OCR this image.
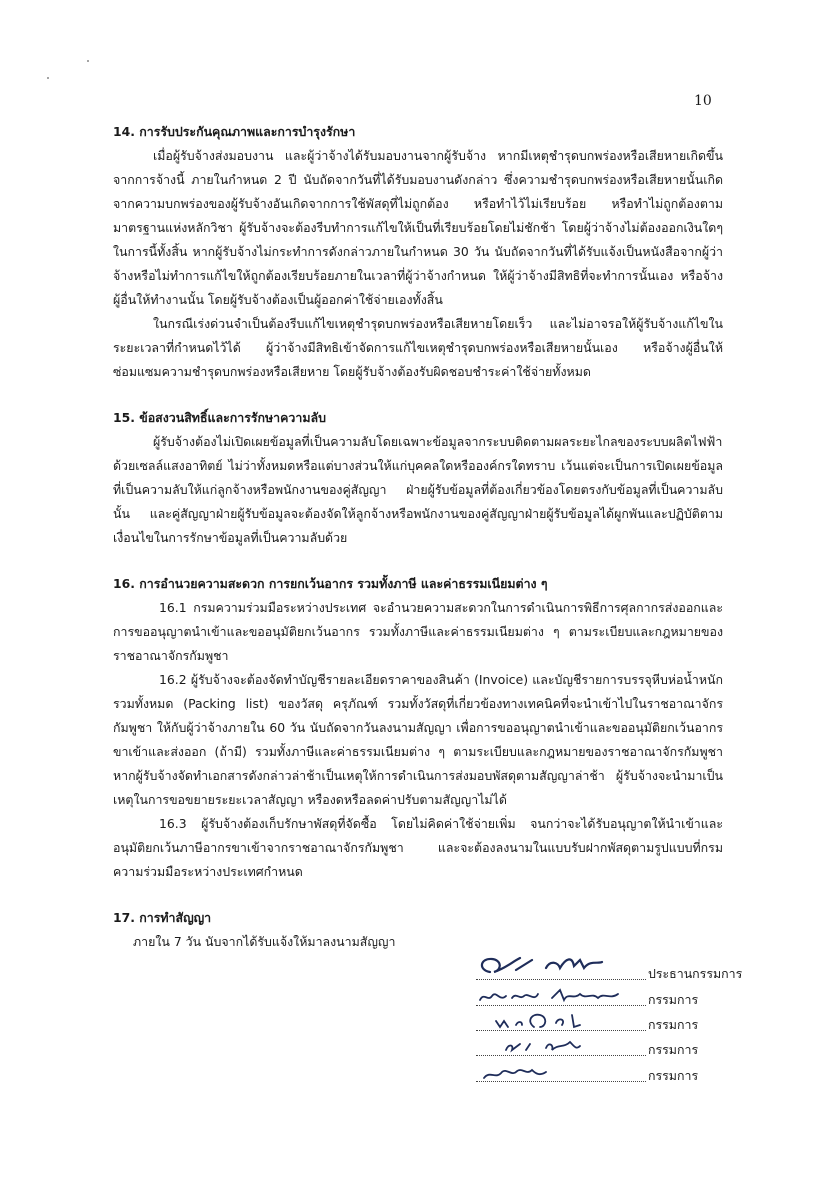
10

14. การรับประกันคุณภาพและการบำรุงรักษา

เมื่อผู้รับจ้างส่งมอบงาน และผู้ว่าจ้างได้รับมอบงานจากผู้รับจ้าง หากมีเหตุชำรุดบกพร่องหรือเสียหายเกิดขึ้นจากการจ้างนี้ ภายในกำหนด 2 ปี นับถัดจากวันที่ได้รับมอบงานดังกล่าว ซึ่งความชำรุดบกพร่องหรือเสียหายนั้นเกิดจากความบกพร่องของผู้รับจ้างอันเกิดจากการใช้พัสดุที่ไม่ถูกต้อง หรือทำไว้ไม่เรียบร้อย หรือทำไม่ถูกต้องตามมาตรฐานแห่งหลักวิชา ผู้รับจ้างจะต้องรีบทำการแก้ไขให้เป็นที่เรียบร้อยโดยไม่ชักช้า โดยผู้ว่าจ้างไม่ต้องออกเงินใดๆ ในการนี้ทั้งสิ้น หากผู้รับจ้างไม่กระทำการดังกล่าวภายในกำหนด 30 วัน นับถัดจากวันที่ได้รับแจ้งเป็นหนังสือจากผู้ว่าจ้างหรือไม่ทำการแก้ไขให้ถูกต้องเรียบร้อยภายในเวลาที่ผู้ว่าจ้างกำหนด ให้ผู้ว่าจ้างมีสิทธิที่จะทำการนั้นเอง หรือจ้างผู้อื่นให้ทำงานนั้น โดยผู้รับจ้างต้องเป็นผู้ออกค่าใช้จ่ายเองทั้งสิ้น

ในกรณีเร่งด่วนจำเป็นต้องรีบแก้ไขเหตุชำรุดบกพร่องหรือเสียหายโดยเร็ว และไม่อาจรอให้ผู้รับจ้างแก้ไขในระยะเวลาที่กำหนดไว้ได้ ผู้ว่าจ้างมีสิทธิเข้าจัดการแก้ไขเหตุชำรุดบกพร่องหรือเสียหายนั้นเอง หรือจ้างผู้อื่นให้ซ่อมแซมความชำรุดบกพร่องหรือเสียหาย โดยผู้รับจ้างต้องรับผิดชอบชำระค่าใช้จ่ายทั้งหมด

15. ข้อสงวนสิทธิ์และการรักษาความลับ

ผู้รับจ้างต้องไม่เปิดเผยข้อมูลที่เป็นความลับโดยเฉพาะข้อมูลจากระบบติดตามผลระยะไกลของระบบผลิตไฟฟ้าด้วยเซลล์แสงอาทิตย์ ไม่ว่าทั้งหมดหรือแต่บางส่วนให้แก่บุคคลใดหรือองค์กรใดทราบ เว้นแต่จะเป็นการเปิดเผยข้อมูลที่เป็นความลับให้แก่ลูกจ้างหรือพนักงานของคู่สัญญา ฝ่ายผู้รับข้อมูลที่ต้องเกี่ยวข้องโดยตรงกับข้อมูลที่เป็นความลับนั้น และคู่สัญญาฝ่ายผู้รับข้อมูลจะต้องจัดให้ลูกจ้างหรือพนักงานของคู่สัญญาฝ่ายผู้รับข้อมูลได้ผูกพันและปฏิบัติตามเงื่อนไขในการรักษาข้อมูลที่เป็นความลับด้วย

16. การอำนวยความสะดวก การยกเว้นอากร รวมทั้งภาษี และค่าธรรมเนียมต่าง ๆ

16.1 กรมความร่วมมือระหว่างประเทศ จะอำนวยความสะดวกในการดำเนินการพิธีการศุลกากรส่งออกและการขออนุญาตนำเข้าและขออนุมัติยกเว้นอากร รวมทั้งภาษีและค่าธรรมเนียมต่าง ๆ ตามระเบียบและกฎหมายของราชอาณาจักรกัมพูชา

16.2 ผู้รับจ้างจะต้องจัดทำบัญชีรายละเอียดราคาของสินค้า (Invoice) และบัญชีรายการบรรจุหีบห่อน้ำหนักรวมทั้งหมด (Packing list) ของวัสดุ ครุภัณฑ์ รวมทั้งวัสดุที่เกี่ยวข้องทางเทคนิคที่จะนำเข้าไปในราชอาณาจักรกัมพูชา ให้กับผู้ว่าจ้างภายใน 60 วัน นับถัดจากวันลงนามสัญญา เพื่อการขออนุญาตนำเข้าและขออนุมัติยกเว้นอากรขาเข้าและส่งออก (ถ้ามี) รวมทั้งภาษีและค่าธรรมเนียมต่าง ๆ ตามระเบียบและกฎหมายของราชอาณาจักรกัมพูชา หากผู้รับจ้างจัดทำเอกสารดังกล่าวล่าช้าเป็นเหตุให้การดำเนินการส่งมอบพัสดุตามสัญญาล่าช้า ผู้รับจ้างจะนำมาเป็นเหตุในการขอขยายระยะเวลาสัญญา หรืองดหรือลดค่าปรับตามสัญญาไม่ได้

16.3 ผู้รับจ้างต้องเก็บรักษาพัสดุที่จัดซื้อ โดยไม่คิดค่าใช้จ่ายเพิ่ม จนกว่าจะได้รับอนุญาตให้นำเข้าและอนุมัติยกเว้นภาษีอากรขาเข้าจากราชอาณาจักรกัมพูชา และจะต้องลงนามในแบบรับฝากพัสดุตามรูปแบบที่กรมความร่วมมือระหว่างประเทศกำหนด

17. การทำสัญญา

ภายใน 7 วัน นับจากได้รับแจ้งให้มาลงนามสัญญา

ประธานกรรมการ
กรรมการ
กรรมการ
กรรมการ
กรรมการ
